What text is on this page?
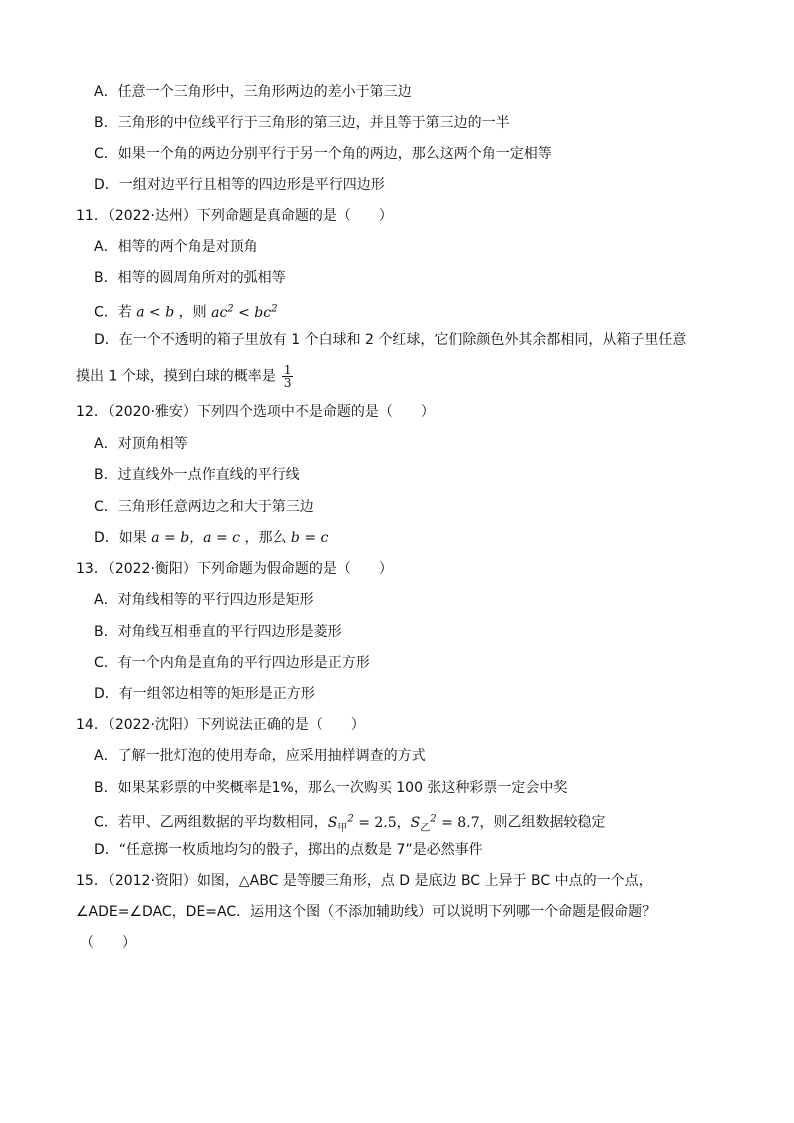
A．任意一个三角形中，三角形两边的差小于第三边
B．三角形的中位线平行于三角形的第三边，并且等于第三边的一半
C．如果一个角的两边分别平行于另一个角的两边，那么这两个角一定相等
D．一组对边平行且相等的四边形是平行四边形
11．（2022·达州）下列命题是真命题的是（　　）
A．相等的两个角是对顶角
B．相等的圆周角所对的弧相等
C．若 a < b ，则 $ac^2 < bc^2$
D．在一个不透明的箱子里放有 1 个白球和 2 个红球，它们除颜色外其余都相同，从箱子里任意
摸出 1 个球，摸到白球的概率是 $\frac{1}{3}$
12．（2020·雅安）下列四个选项中不是命题的是（　　）
A．对顶角相等
B．过直线外一点作直线的平行线
C．三角形任意两边之和大于第三边
D．如果 a = b，a = c ，那么 b = c
13．（2022·衡阳）下列命题为假命题的是（　　）
A．对角线相等的平行四边形是矩形
B．对角线互相垂直的平行四边形是菱形
C．有一个内角是直角的平行四边形是正方形
D．有一组邻边相等的矩形是正方形
14．（2022·沈阳）下列说法正确的是（　　）
A．了解一批灯泡的使用寿命，应采用抽样调查的方式
B．如果某彩票的中奖概率是1%，那么一次购买 100 张这种彩票一定会中奖
C．若甲、乙两组数据的平均数相同，$S_甲^2 = 2.5$，$S_乙^2 = 8.7$，则乙组数据较稳定
D．“任意掷一枚质地均匀的骰子，掷出的点数是 7”是必然事件
15．（2012·资阳）如图，△ABC 是等腰三角形，点 D 是底边 BC 上异于 BC 中点的一个点，
∠ADE=∠DAC，DE=AC．运用这个图（不添加辅助线）可以说明下列哪一个命题是假命题？
（　　）
